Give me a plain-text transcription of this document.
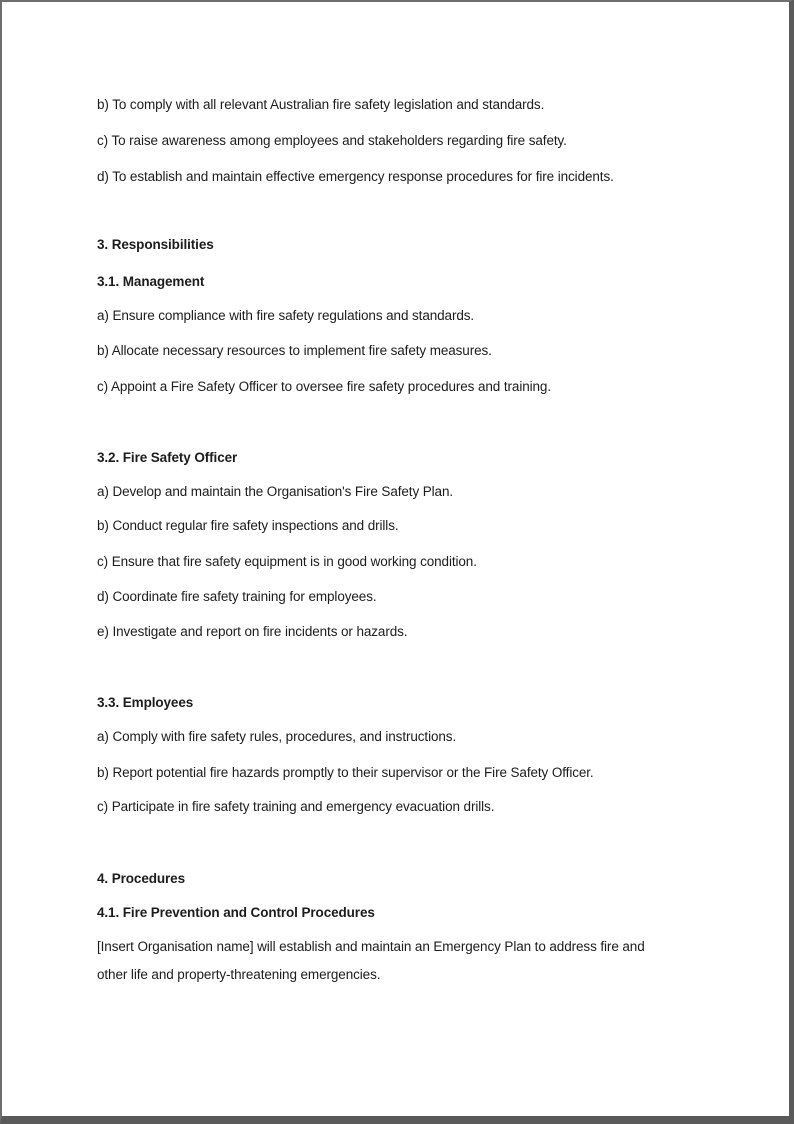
b) To comply with all relevant Australian fire safety legislation and standards.

c) To raise awareness among employees and stakeholders regarding fire safety.

d) To establish and maintain effective emergency response procedures for fire incidents.

3. Responsibilities

3.1. Management

a) Ensure compliance with fire safety regulations and standards.

b) Allocate necessary resources to implement fire safety measures.

c) Appoint a Fire Safety Officer to oversee fire safety procedures and training.

3.2. Fire Safety Officer

a) Develop and maintain the Organisation's Fire Safety Plan.

b) Conduct regular fire safety inspections and drills.

c) Ensure that fire safety equipment is in good working condition.

d) Coordinate fire safety training for employees.

e) Investigate and report on fire incidents or hazards.

3.3. Employees

a) Comply with fire safety rules, procedures, and instructions.

b) Report potential fire hazards promptly to their supervisor or the Fire Safety Officer.

c) Participate in fire safety training and emergency evacuation drills.

4. Procedures

4.1. Fire Prevention and Control Procedures

[Insert Organisation name] will establish and maintain an Emergency Plan to address fire and

other life and property-threatening emergencies.
